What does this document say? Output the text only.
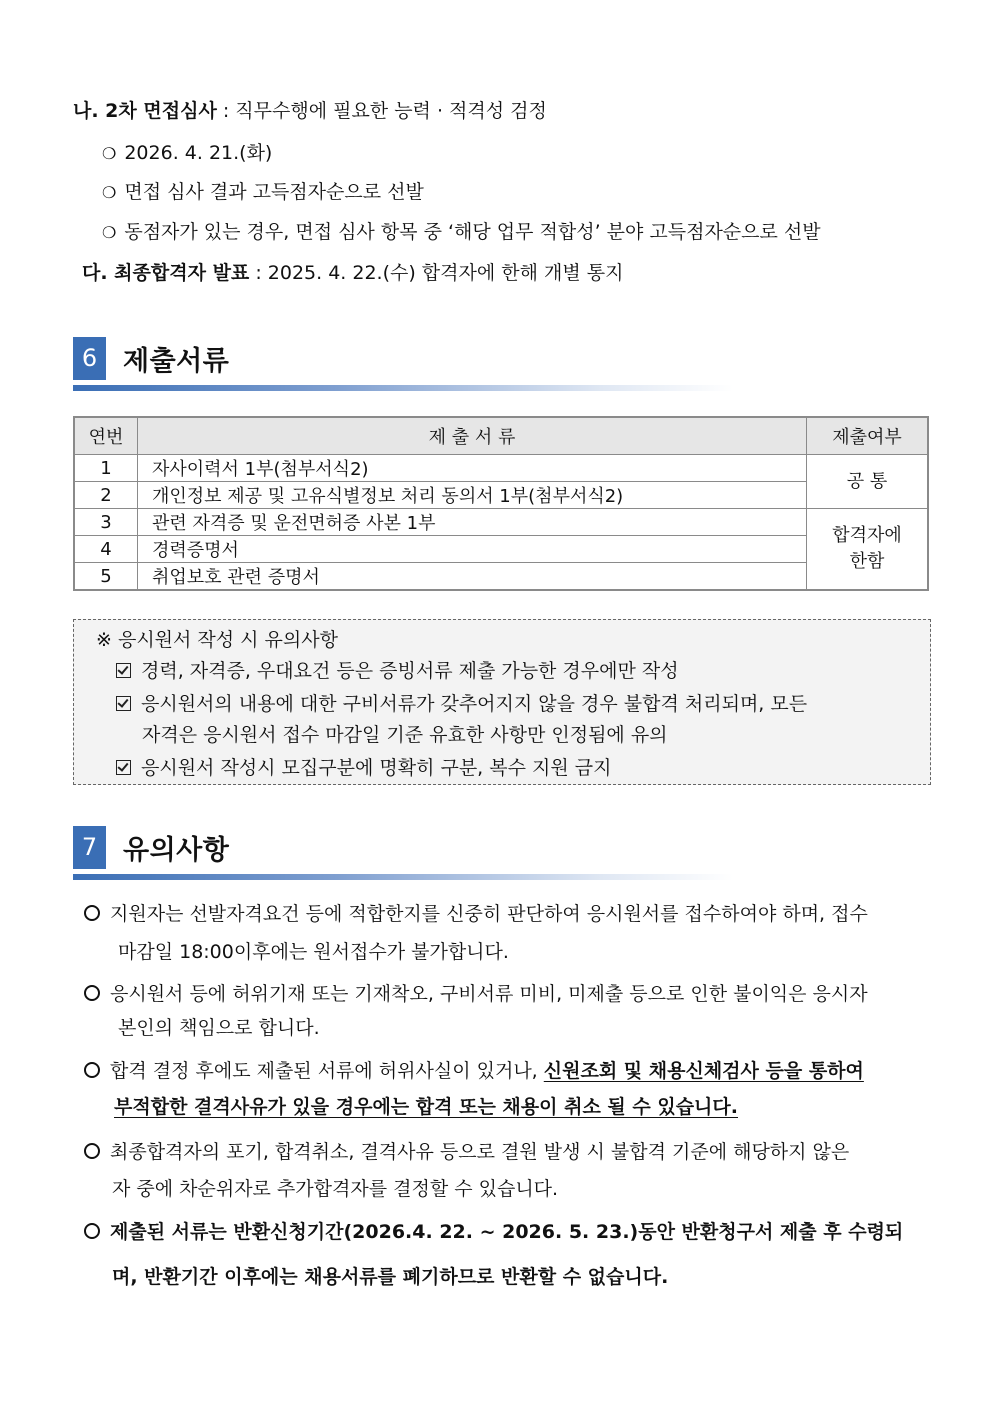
나. 2차 면접심사 : 직무수행에 필요한 능력 · 적격성 검정
❍ 2026. 4. 21.(화)
❍ 면접 심사 결과 고득점자순으로 선발
❍ 동점자가 있는 경우, 면접 심사 항목 중 ‘해당 업무 적합성’ 분야 고득점자순으로 선발
다. 최종합격자 발표 : 2025. 4. 22.(수) 합격자에 한해 개별 통지
6 제출서류
연번	제 출 서 류	제출여부
1	자사이력서 1부(첨부서식2)	공 통
2	개인정보 제공 및 고유식별정보 처리 동의서 1부(첨부서식2)	
3	관련 자격증 및 운전면허증 사본 1부	합격자에
한함

4	경력증명서	
5	취업보호 관련 증명서	
※ 응시원서 작성 시 유의사항
경력, 자격증, 우대요건 등은 증빙서류 제출 가능한 경우에만 작성
응시원서의 내용에 대한 구비서류가 갖추어지지 않을 경우 불합격 처리되며, 모든
자격은 응시원서 접수 마감일 기준 유효한 사항만 인정됨에 유의
응시원서 작성시 모집구분에 명확히 구분, 복수 지원 금지
7 유의사항
지원자는 선발자격요건 등에 적합한지를 신중히 판단하여 응시원서를 접수하여야 하며, 접수
마감일 18:00이후에는 원서접수가 불가합니다.
응시원서 등에 허위기재 또는 기재착오, 구비서류 미비, 미제출 등으로 인한 불이익은 응시자
본인의 책임으로 합니다.
합격 결정 후에도 제출된 서류에 허위사실이 있거나, 신원조회 및 채용신체검사 등을 통하여
부적합한 결격사유가 있을 경우에는 합격 또는 채용이 취소 될 수 있습니다.
최종합격자의 포기, 합격취소, 결격사유 등으로 결원 발생 시 불합격 기준에 해당하지 않은
자 중에 차순위자로 추가합격자를 결정할 수 있습니다.
제출된 서류는 반환신청기간(2026.4. 22. ~ 2026. 5. 23.)동안 반환청구서 제출 후 수령되
며, 반환기간 이후에는 채용서류를 폐기하므로 반환할 수 없습니다.
